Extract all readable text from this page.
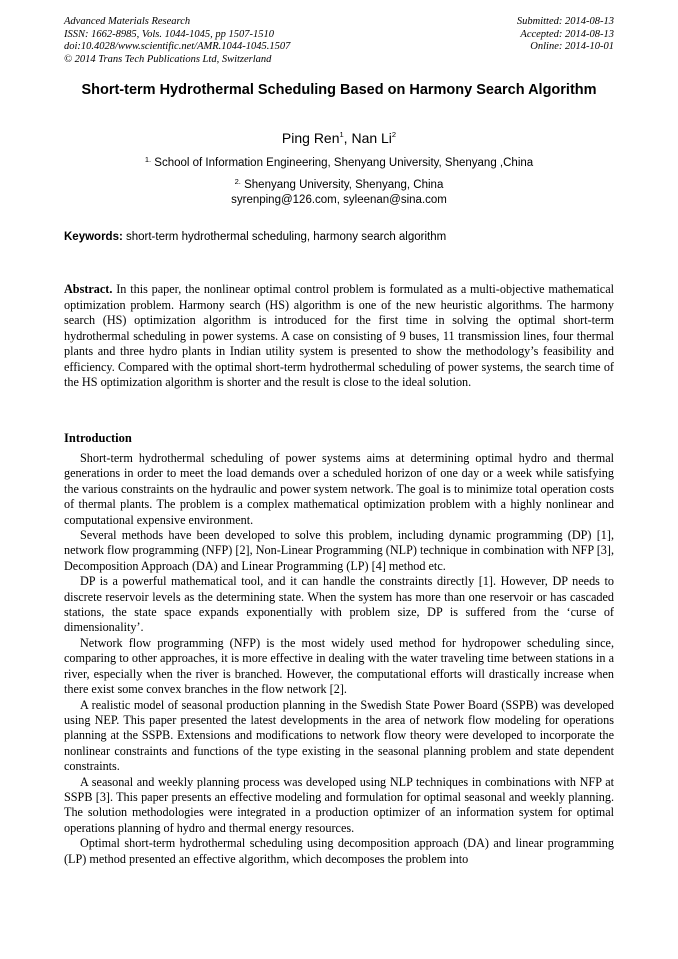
Advanced Materials Research
ISSN: 1662-8985, Vols. 1044-1045, pp 1507-1510
doi:10.4028/www.scientific.net/AMR.1044-1045.1507
© 2014 Trans Tech Publications Ltd, Switzerland
Submitted: 2014-08-13
Accepted: 2014-08-13
Online: 2014-10-01
Short-term Hydrothermal Scheduling Based on Harmony Search Algorithm
Ping Ren$^1$, Nan Li$^2$
$^{1.}$ School of Information Engineering, Shenyang University, Shenyang ,China
$^{2.}$ Shenyang University, Shenyang, China
syrenping@126.com, syleenan@sina.com
Keywords: short-term hydrothermal scheduling, harmony search algorithm
Abstract. In this paper, the nonlinear optimal control problem is formulated as a multi-objective mathematical optimization problem. Harmony search (HS) algorithm is one of the new heuristic algorithms. The harmony search (HS) optimization algorithm is introduced for the first time in solving the optimal short-term hydrothermal scheduling in power systems. A case on consisting of 9 buses, 11 transmission lines, four thermal plants and three hydro plants in Indian utility system is presented to show the methodology’s feasibility and efficiency. Compared with the optimal short-term hydrothermal scheduling of power systems, the search time of the HS optimization algorithm is shorter and the result is close to the ideal solution.
Introduction

Short-term hydrothermal scheduling of power systems aims at determining optimal hydro and thermal generations in order to meet the load demands over a scheduled horizon of one day or a week while satisfying the various constraints on the hydraulic and power system network. The goal is to minimize total operation costs of thermal plants. The problem is a complex mathematical optimization problem with a highly nonlinear and computational expensive environment.

Several methods have been developed to solve this problem, including dynamic programming (DP) [1], network flow programming (NFP) [2], Non-Linear Programming (NLP) technique in combination with NFP [3], Decomposition Approach (DA) and Linear Programming (LP) [4] method etc.

DP is a powerful mathematical tool, and it can handle the constraints directly [1]. However, DP needs to discrete reservoir levels as the determining state. When the system has more than one reservoir or has cascaded stations, the state space expands exponentially with problem size, DP is suffered from the ‘curse of dimensionality’.

Network flow programming (NFP) is the most widely used method for hydropower scheduling since, comparing to other approaches, it is more effective in dealing with the water traveling time between stations in a river, especially when the river is branched. However, the computational efforts will drastically increase when there exist some convex branches in the flow network [2].

A realistic model of seasonal production planning in the Swedish State Power Board (SSPB) was developed using NEP. This paper presented the latest developments in the area of network flow modeling for operations planning at the SSPB. Extensions and modifications to network flow theory were developed to incorporate the nonlinear constraints and functions of the type existing in the seasonal planning problem and state dependent constraints.

A seasonal and weekly planning process was developed using NLP techniques in combinations with NFP at SSPB [3]. This paper presents an effective modeling and formulation for optimal seasonal and weekly planning. The solution methodologies were integrated in a production optimizer of an information system for optimal operations planning of hydro and thermal energy resources.

Optimal short-term hydrothermal scheduling using decomposition approach (DA) and linear programming (LP) method presented an effective algorithm, which decomposes the problem into
